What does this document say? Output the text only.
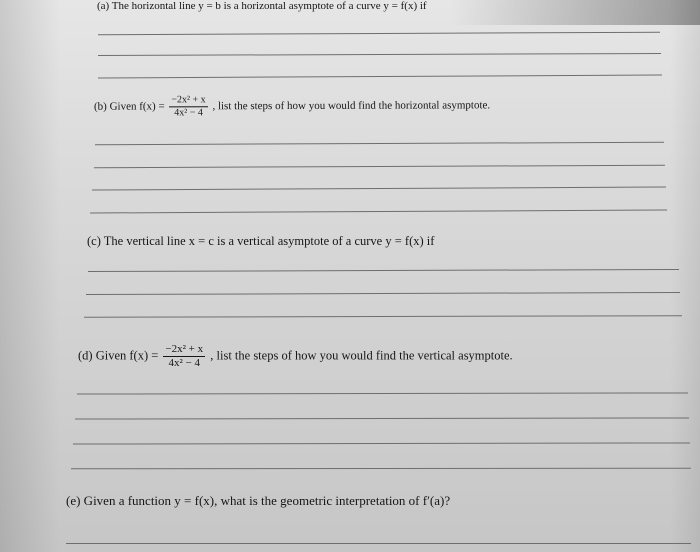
(a) The horizontal line y = b is a horizontal asymptote of a curve y = f(x) if
(b) Given $f(x) = \frac{\text{−2x² + x}}{\text{4x² − 4}}$ , list the steps of how you would find the horizontal asymptote.
(c) The vertical line x = c is a vertical asymptote of a curve y = f(x) if
(d) Given $f(x) = \frac{\text{−2x² + x}}{\text{4x² − 4}}$ , list the steps of how you would find the vertical asymptote.
(e) Given a function y = f(x), what is the geometric interpretation of f′(a)?
